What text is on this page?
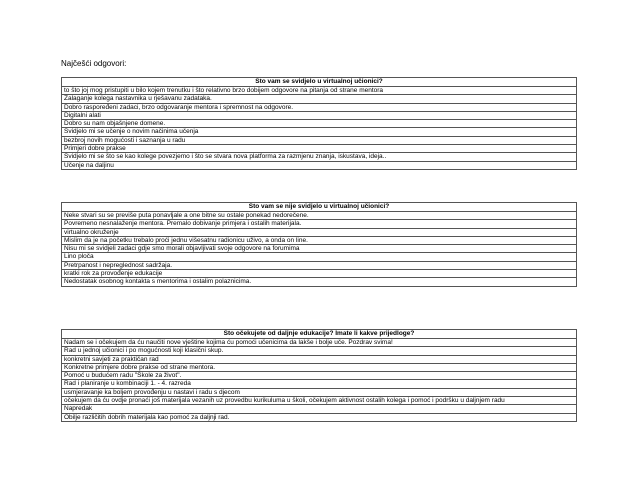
Najčešći odgovori:
Što vam se svidjelo u virtualnoj učionici?
to što joj mog pristupiti u bilo kojem trenutku i što relativno brzo dobijem odgovore na pitanja od strane mentora
Zalaganje kolega nastavnika u rješavanu zadataka.
Dobro raspoređeni zadaci, brzo odgovaranje mentora i spremnost na odgovore.
Digitalni alati
Dobro su nam objašnjene domene.
Svidjelo mi se učenje o novim načinima učenja
bezbroj novih mogućosti i saznanja u radu
Primjeri dobre prakse
Svidjelo mi se što se kao kolege povezjemo i što se stvara nova platforma za razmjenu znanja, iskustava, ideja..
Učenje na daljinu
Što vam se nije svidjelo u virtualnoj učionici?
Neke stvari su se previše puta ponavljale a one bitne su ostale ponekad nedorečene.
Povremeno nesnalaženje mentora. Premalo dobivanje primjera i ostalih materijala.
virtualno okruženje
Mislim da je na početku trebalo proći jednu višesatnu radionicu uživo, a onda on line.
Nisu mi se svidjeli zadaci gdje smo morali objavljivati svoje odgovore na forumima
Lino ploča
Pretrpanost i nepreglednost sadržaja.
kratki rok za provođenje edukacije
Nedostatak osobnog kontakta s mentorima i ostalim polaznicima.
Što očekujete od daljnje edukacije? Imate li kakve prijedloge?
Nadam se i očekujem da ću naučiti nove vještine kojima ću pomoći učenicima da lakše i bolje uče. Pozdrav svima!
Rad u jednoj učionici i po mogućnosti koji klasični skup.
konkretni savjeti za praktičan rad
Konkretne primjere dobre prakse od strane mentora.
Pomoć u budućem radu "Škole za život".
Rad i planiranje u kombinaciji 1. - 4. razreda
usmjeravanje ka boljem provođenju u nastavi i radu s djecom
očekujem da ću ovdje pronaći još materijala vezanih uz provedbu kurikuluma u školi, očekujem aktivnost ostalih kolega i pomoć i podršku u daljnjem radu
Napredak
Obilje različitih dobrih materijala kao pomoć za daljnji rad.
